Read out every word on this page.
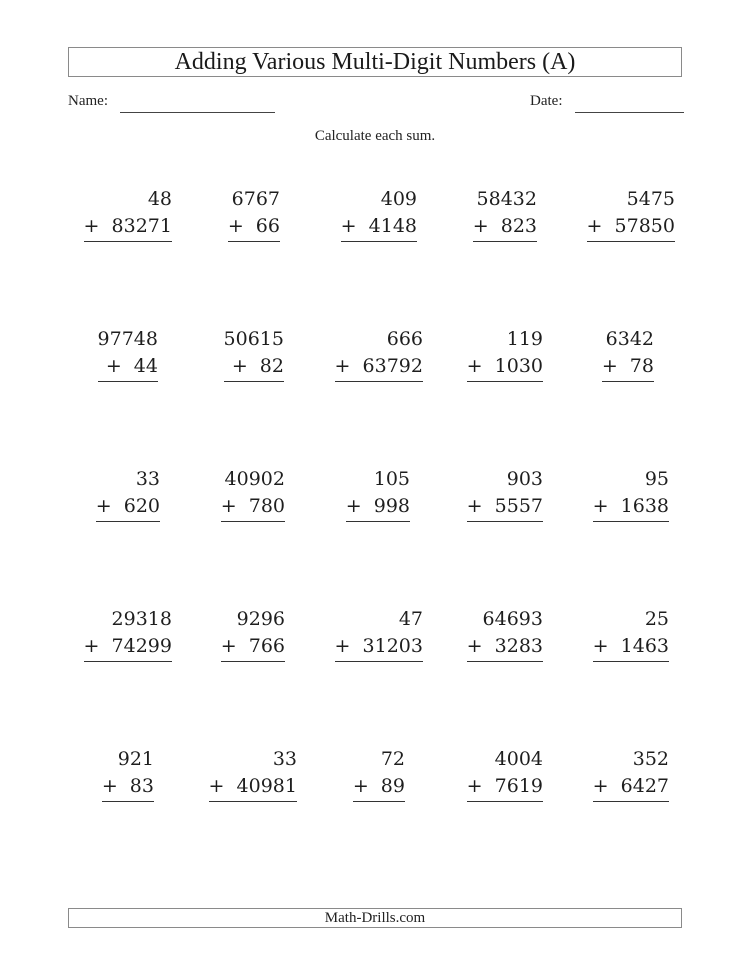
Adding Various Multi-Digit Numbers (A)
Name:	Date:
Calculate each sum.
48
+  83271
6767
+  66
409
+  4148
58432
+  823
5475
+  57850
97748
+  44
50615
+  82
666
+  63792
119
+  1030
6342
+  78
33
+  620
40902
+  780
105
+  998
903
+  5557
95
+  1638
29318
+  74299
9296
+  766
47
+  31203
64693
+  3283
25
+  1463
921
+  83
33
+  40981
72
+  89
4004
+  7619
352
+  6427
Math-Drills.com
